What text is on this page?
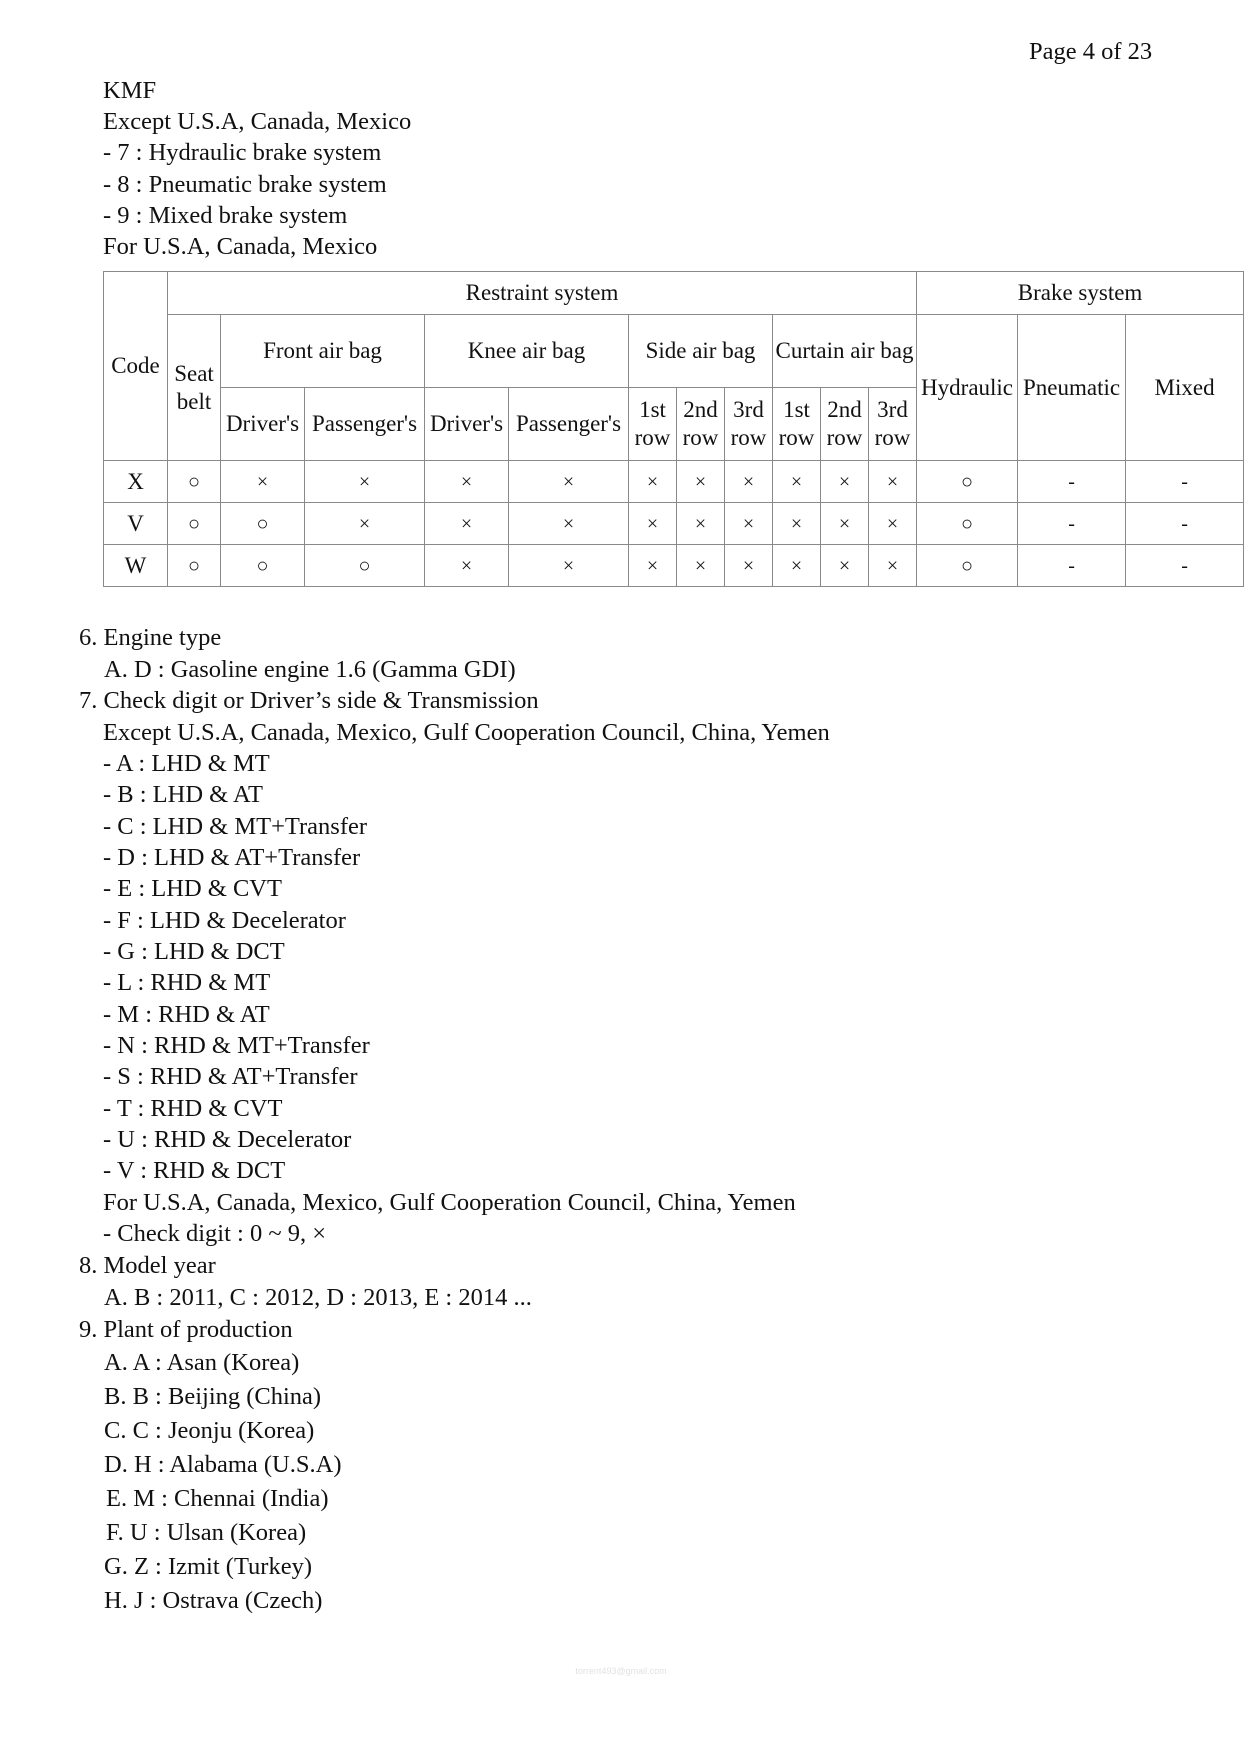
Page 4 of 23
KMF
Except U.S.A, Canada, Mexico
- 7 : Hydraulic brake system
- 8 : Pneumatic brake system
- 9 : Mixed brake system
For U.S.A, Canada, Mexico
Code	Restraint system											Brake system		
	Seat belt	Front air bag		Knee air bag		Side air bag			Curtain air bag			Hydraulic	Pneumatic	Mixed
		Driver's	Passenger's	Driver's	Passenger's	1st row	2nd row	3rd row	1st row	2nd row	3rd row			
X	○	×	×	×	×	×	×	×	×	×	×	○	-	-
V	○	○	×	×	×	×	×	×	×	×	×	○	-	-
W	○	○	○	×	×	×	×	×	×	×	×	○	-	-
6. Engine type
A. D : Gasoline engine 1.6 (Gamma GDI)
7. Check digit or Driver’s side & Transmission
Except U.S.A, Canada, Mexico, Gulf Cooperation Council, China, Yemen
- A : LHD & MT
- B : LHD & AT
- C : LHD & MT+Transfer
- D : LHD & AT+Transfer
- E : LHD & CVT
- F : LHD & Decelerator
- G : LHD & DCT
- L : RHD & MT
- M : RHD & AT
- N : RHD & MT+Transfer
- S : RHD & AT+Transfer
- T : RHD & CVT
- U : RHD & Decelerator
- V : RHD & DCT
For U.S.A, Canada, Mexico, Gulf Cooperation Council, China, Yemen
- Check digit : 0 ~ 9, ×
8. Model year
A. B : 2011, C : 2012, D : 2013, E : 2014 ...
9. Plant of production
A. A : Asan (Korea)
B. B : Beijing (China)
C. C : Jeonju (Korea)
D. H : Alabama (U.S.A)
E. M : Chennai (India)
F. U : Ulsan (Korea)
G. Z : Izmit (Turkey)
H. J : Ostrava (Czech)
torrent493@gmail.com
